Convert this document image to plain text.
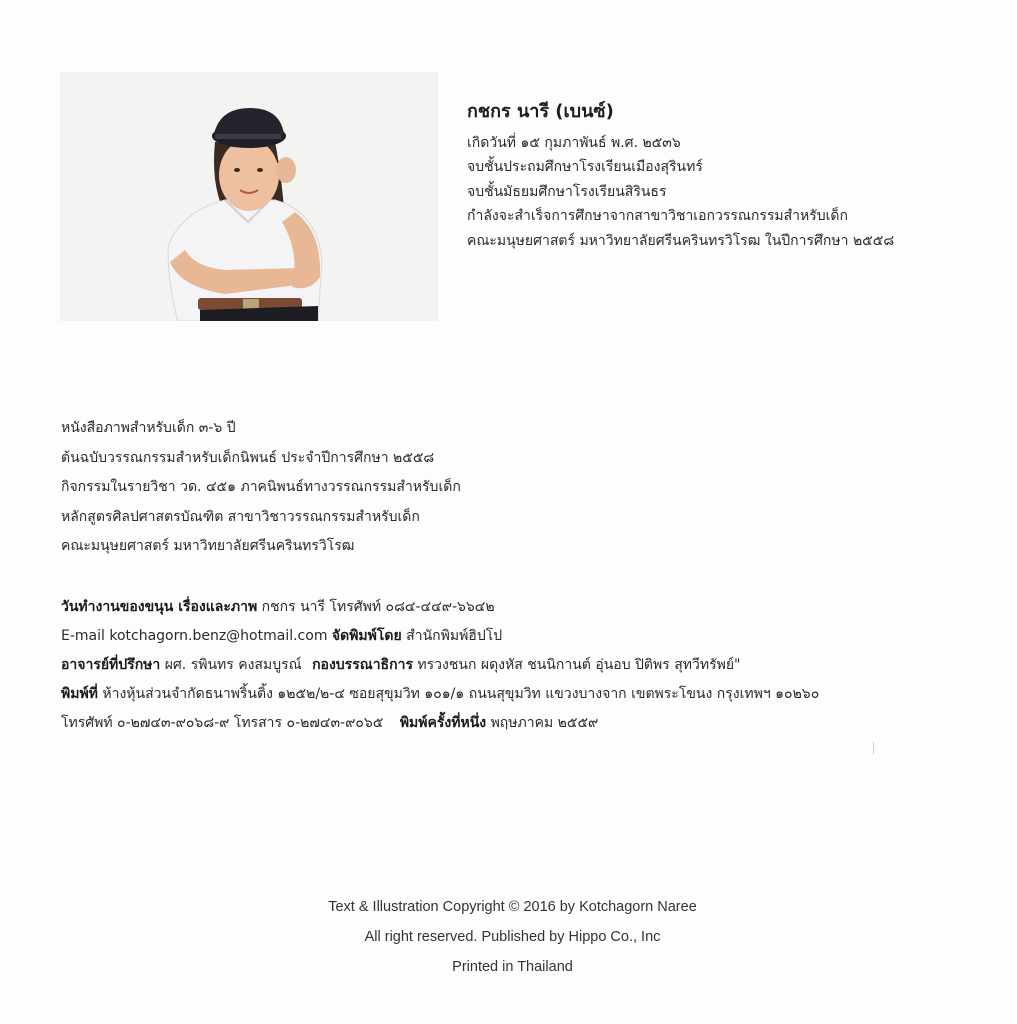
กชกร นารี (เบนซ์)
เกิดวันที่ ๑๕ กุมภาพันธ์ พ.ศ. ๒๕๓๖
จบชั้นประถมศึกษาโรงเรียนเมืองสุรินทร์
จบชั้นมัธยมศึกษาโรงเรียนสิรินธร
กำลังจะสำเร็จการศึกษาจากสาขาวิชาเอกวรรณกรรมสำหรับเด็ก
คณะมนุษยศาสตร์ มหาวิทยาลัยศรีนครินทรวิโรฒ ในปีการศึกษา ๒๕๕๘
หนังสือภาพสำหรับเด็ก ๓-๖ ปี
ต้นฉบับวรรณกรรมสำหรับเด็กนิพนธ์ ประจำปีการศึกษา ๒๕๕๘
กิจกรรมในรายวิชา วด. ๔๕๑ ภาคนิพนธ์ทางวรรณกรรมสำหรับเด็ก
หลักสูตรศิลปศาสตรบัณฑิต สาขาวิชาวรรณกรรมสำหรับเด็ก
คณะมนุษยศาสตร์ มหาวิทยาลัยศรีนครินทรวิโรฒ
วันทำงานของขนุน เรื่องและภาพ กชกร นารี โทรศัพท์ ๐๘๔-๔๔๙-๖๖๔๒
E-mail kotchagorn.benz@hotmail.com จัดพิมพ์โดย สำนักพิมพ์ฮิปโป
อาจารย์ที่ปรึกษา ผศ. รพินทร คงสมบูรณ์ กองบรรณาธิการ ทรวงชนก ผดุงหัส ชนนิกานต์ อุ่นอบ ปิติพร สุทวีทรัพย์"
พิมพ์ที่ ห้างหุ้นส่วนจำกัดธนาพริ้นติ้ง ๑๒๕๒/๒-๔ ซอยสุขุมวิท ๑๐๑/๑ ถนนสุขุมวิท แขวงบางจาก เขตพระโขนง กรุงเทพฯ ๑๐๒๖๐
โทรศัพท์ ๐-๒๗๔๓-๙๐๖๘-๙ โทรสาร ๐-๒๗๔๓-๙๐๖๕ พิมพ์ครั้งที่หนึ่ง พฤษภาคม ๒๕๕๙
Text & Illustration Copyright © 2016 by Kotchagorn Naree
All right reserved. Published by Hippo Co., Inc
Printed in Thailand
